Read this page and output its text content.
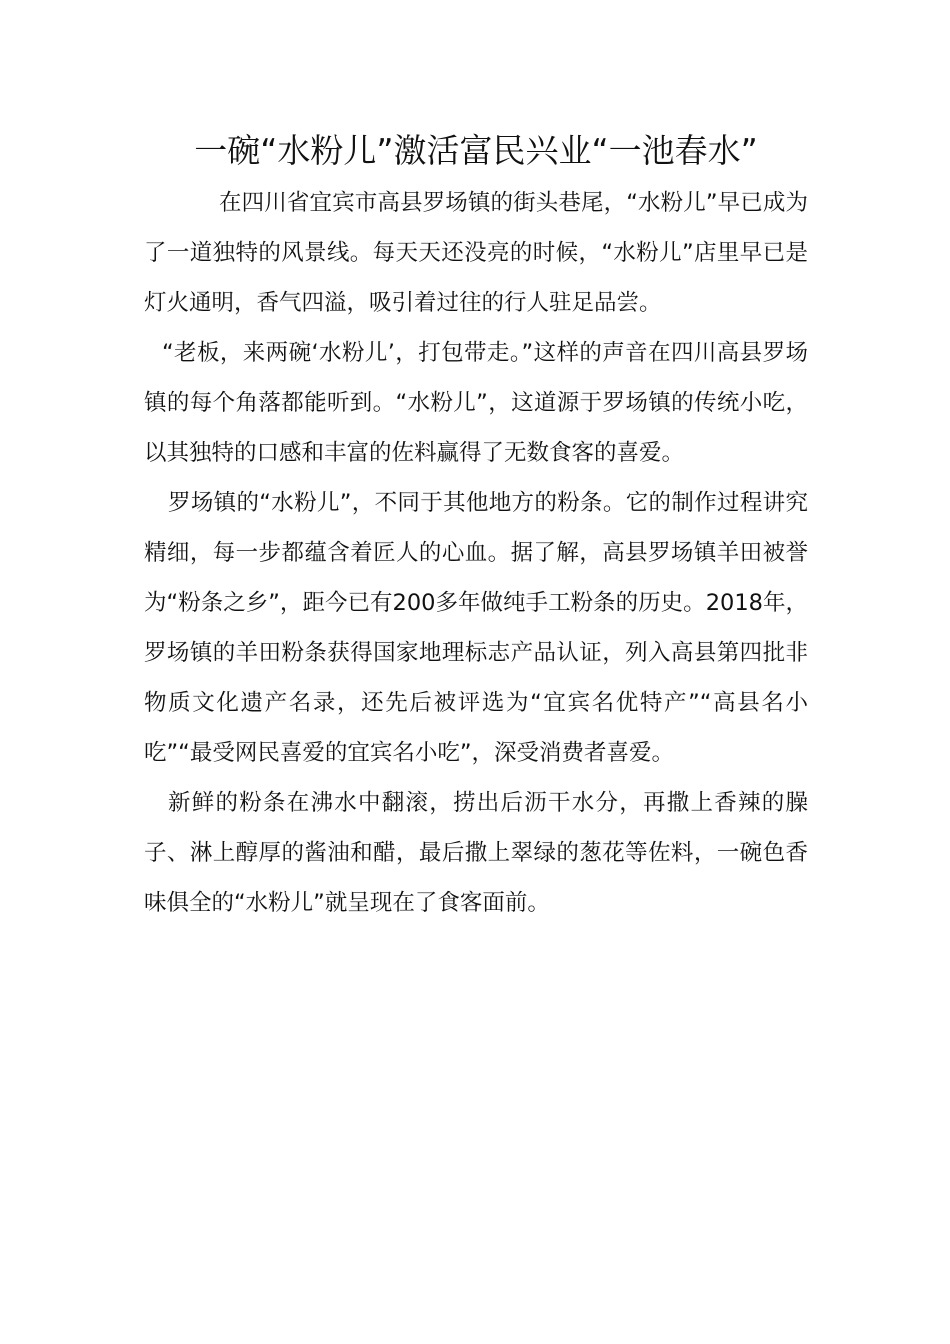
一碗“水粉儿”激活富民兴业“一池春水”

在四川省宜宾市高县罗场镇的街头巷尾，“水粉儿”早已成为了一道独特的风景线。每天天还没亮的时候，“水粉儿”店里早已是灯火通明，香气四溢，吸引着过往的行人驻足品尝。

“老板，来两碗‘水粉儿’，打包带走。”这样的声音在四川高县罗场镇的每个角落都能听到。“水粉儿”，这道源于罗场镇的传统小吃，以其独特的口感和丰富的佐料赢得了无数食客的喜爱。

罗场镇的“水粉儿”，不同于其他地方的粉条。它的制作过程讲究精细，每一步都蕴含着匠人的心血。据了解，高县罗场镇羊田被誉为“粉条之乡”，距今已有200多年做纯手工粉条的历史。2018年，罗场镇的羊田粉条获得国家地理标志产品认证，列入高县第四批非物质文化遗产名录，还先后被评选为“宜宾名优特产”“高县名小吃”“最受网民喜爱的宜宾名小吃”，深受消费者喜爱。

新鲜的粉条在沸水中翻滚，捞出后沥干水分，再撒上香辣的臊子、淋上醇厚的酱油和醋，最后撒上翠绿的葱花等佐料，一碗色香味俱全的“水粉儿”就呈现在了食客面前。
